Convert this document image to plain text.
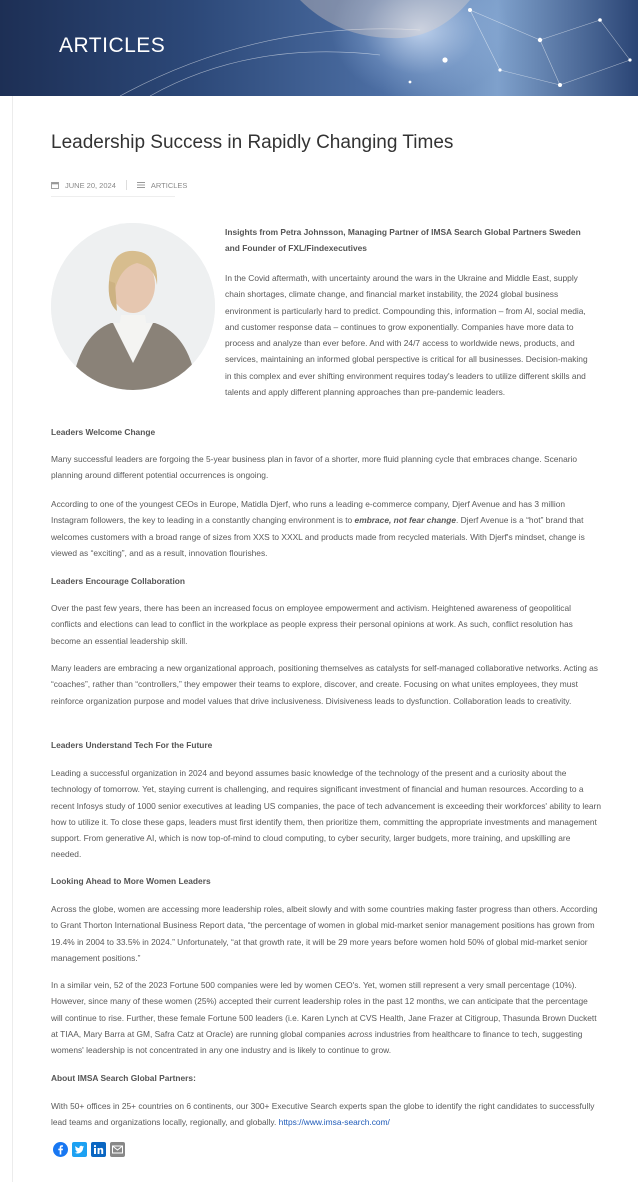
ARTICLES
Leadership Success in Rapidly Changing Times
JUNE 20, 2024	ARTICLES

Insights from Petra Johnsson, Managing Partner of IMSA Search Global Partners Sweden and Founder of FXL/Findexecutives

In the Covid aftermath, with uncertainty around the wars in the Ukraine and Middle East, supply chain shortages, climate change, and financial market instability, the 2024 global business environment is particularly hard to predict. Compounding this, information – from AI, social media, and customer response data – continues to grow exponentially. Companies have more data to process and analyze than ever before. And with 24/7 access to worldwide news, products, and services, maintaining an informed global perspective is critical for all businesses. Decision-making in this complex and ever shifting environment requires today's leaders to utilize different skills and talents and apply different planning approaches than pre-pandemic leaders.

Leaders Welcome Change

Many successful leaders are forgoing the 5-year business plan in favor of a shorter, more fluid planning cycle that embraces change. Scenario planning around different potential occurrences is ongoing.

According to one of the youngest CEOs in Europe, Matidla Djerf, who runs a leading e-commerce company, Djerf Avenue and has 3 million Instagram followers, the key to leading in a constantly changing environment is to embrace, not fear change. Djerf Avenue is a “hot” brand that welcomes customers with a broad range of sizes from XXS to XXXL and products made from recycled materials. With Djerf's mindset, change is viewed as “exciting”, and as a result, innovation flourishes.

Leaders Encourage Collaboration

Over the past few years, there has been an increased focus on employee empowerment and activism. Heightened awareness of geopolitical conflicts and elections can lead to conflict in the workplace as people express their personal opinions at work. As such, conflict resolution has become an essential leadership skill.

Many leaders are embracing a new organizational approach, positioning themselves as catalysts for self-managed collaborative networks. Acting as “coaches”, rather than “controllers,” they empower their teams to explore, discover, and create. Focusing on what unites employees, they must reinforce organization purpose and model values that drive inclusiveness. Divisiveness leads to dysfunction. Collaboration leads to creativity.

Leaders Understand Tech For the Future

Leading a successful organization in 2024 and beyond assumes basic knowledge of the technology of the present and a curiosity about the technology of tomorrow. Yet, staying current is challenging, and requires significant investment of financial and human resources. According to a recent Infosys study of 1000 senior executives at leading US companies, the pace of tech advancement is exceeding their workforces' ability to learn how to utilize it. To close these gaps, leaders must first identify them, then prioritize them, committing the appropriate investments and management support. From generative AI, which is now top-of-mind to cloud computing, to cyber security, larger budgets, more training, and upskilling are needed.

Looking Ahead to More Women Leaders

Across the globe, women are accessing more leadership roles, albeit slowly and with some countries making faster progress than others. According to Grant Thorton International Business Report data, “the percentage of women in global mid-market senior management positions has grown from 19.4% in 2004 to 33.5% in 2024.” Unfortunately, “at that growth rate, it will be 29 more years before women hold 50% of global mid-market senior management positions.”

In a similar vein, 52 of the 2023 Fortune 500 companies were led by women CEO's. Yet, women still represent a very small percentage (10%). However, since many of these women (25%) accepted their current leadership roles in the past 12 months, we can anticipate that the percentage will continue to rise. Further, these female Fortune 500 leaders (i.e. Karen Lynch at CVS Health, Jane Frazer at Citigroup, Thasunda Brown Duckett at TIAA, Mary Barra at GM, Safra Catz at Oracle) are running global companies across industries from healthcare to finance to tech, suggesting womens' leadership is not concentrated in any one industry and is likely to continue to grow.

About IMSA Search Global Partners:

With 50+ offices in 25+ countries on 6 continents, our 300+ Executive Search experts span the globe to identify the right candidates to successfully lead teams and organizations locally, regionally, and globally. https://www.imsa-search.com/
